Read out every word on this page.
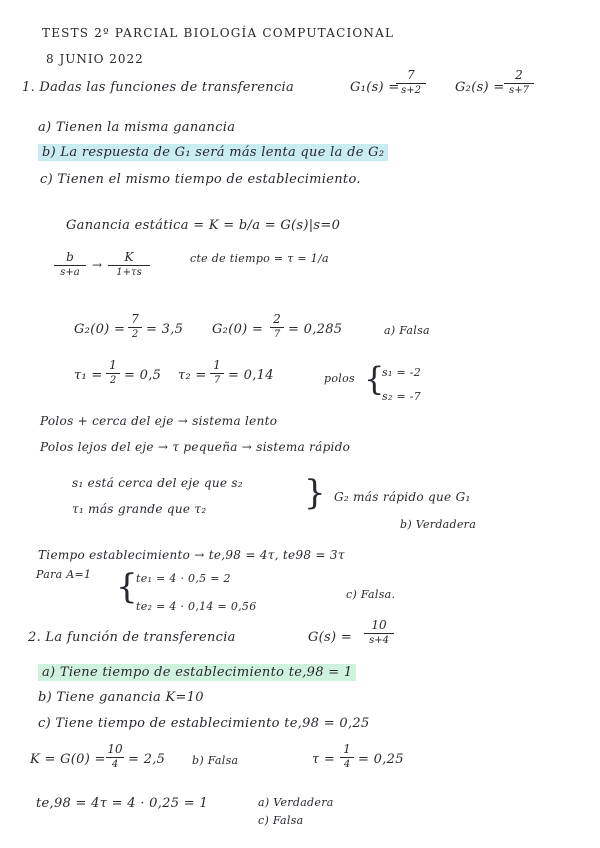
TESTS 2º PARCIAL BIOLOGÍA COMPUTACIONAL
8 JUNIO 2022
1. Dadas las funciones de transferencia	G₁(s) =
7
s+2	G₂(s) =
2
s+7
a) Tienen la misma ganancia
b) La respuesta de G₁ será más lenta que la de G₂
c) Tienen el mismo tiempo de establecimiento.
Ganancia estática = K = b/a = G(s)|s=0
b
s+a
→
K
1+τs
cte de tiempo = τ = 1/a
G₂(0) =
7
2 = 3,5 G₂(0) =
2
7 = 0,285	a) Falsa
τ₁ =
1
2 = 0,5 τ₂ =
1
7 = 0,14	polos {
s₁ = -2
s₂ = -7
Polos + cerca del eje → sistema lento
Polos lejos del eje → τ pequeña → sistema rápido
s₁ está cerca del eje que s₂
τ₁ más grande que τ₂	} G₂ más rápido que G₁
b) Verdadera
Tiempo establecimiento → te,98 = 4τ, te98 = 3τ
Para A=1 {
te₁ = 4 · 0,5 = 2
te₂ = 4 · 0,14 = 0,56
c) Falsa.
2. La función de transferencia	G(s) =
10
s+4
a) Tiene tiempo de establecimiento te,98 = 1
b) Tiene ganancia K=10
c) Tiene tiempo de establecimiento te,98 = 0,25
K = G(0) =
10
4 = 2,5 b) Falsa	τ =
1
4 = 0,25
te,98 = 4τ = 4 · 0,25 = 1	a) Verdadera
c) Falsa
